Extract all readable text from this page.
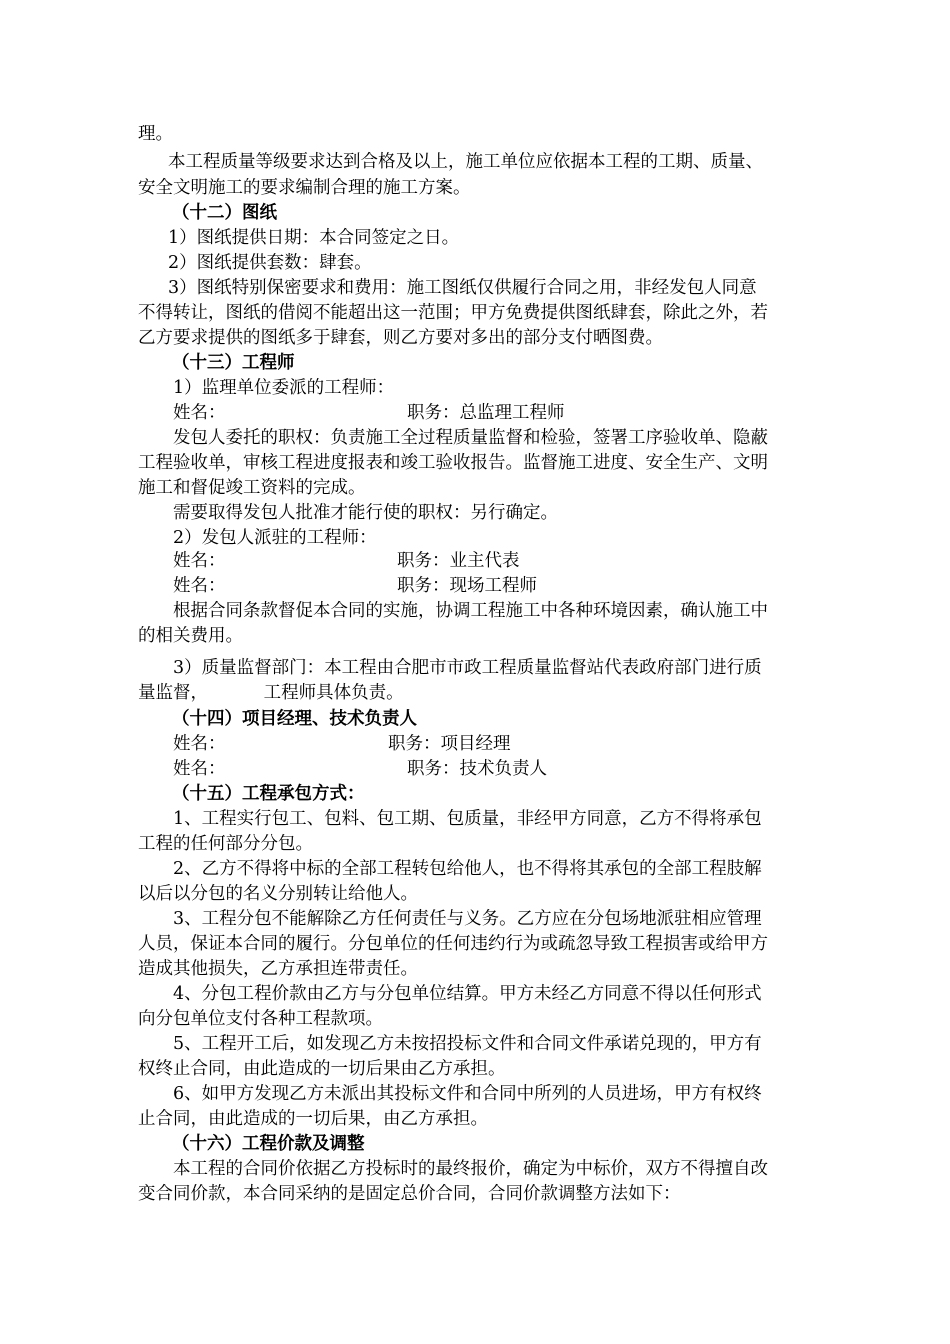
理。
本工程质量等级要求达到合格及以上，施工单位应依据本工程的工期、质量、
安全文明施工的要求编制合理的施工方案。
（十二）图纸
1）图纸提供日期：本合同签定之日。
2）图纸提供套数：肆套。
3）图纸特别保密要求和费用：施工图纸仅供履行合同之用，非经发包人同意
不得转让，图纸的借阅不能超出这一范围；甲方免费提供图纸肆套，除此之外，若
乙方要求提供的图纸多于肆套，则乙方要对多出的部分支付晒图费。
（十三）工程师
1）监理单位委派的工程师：
姓名：	职务：总监理工程师
发包人委托的职权：负责施工全过程质量监督和检验，签署工序验收单、隐蔽
工程验收单，审核工程进度报表和竣工验收报告。监督施工进度、安全生产、文明
施工和督促竣工资料的完成。
需要取得发包人批准才能行使的职权：另行确定。
2）发包人派驻的工程师：
姓名：	职务：业主代表
姓名：	职务：现场工程师
根据合同条款督促本合同的实施，协调工程施工中各种环境因素，确认施工中
的相关费用。
3）质量监督部门：本工程由合肥市市政工程质量监督站代表政府部门进行质
量监督，          工程师具体负责。
（十四）项目经理、技术负责人
姓名：	职务：项目经理
姓名：	职务：技术负责人
（十五）工程承包方式：
1、工程实行包工、包料、包工期、包质量，非经甲方同意，乙方不得将承包
工程的任何部分分包。
2、乙方不得将中标的全部工程转包给他人，也不得将其承包的全部工程肢解
以后以分包的名义分别转让给他人。
3、工程分包不能解除乙方任何责任与义务。乙方应在分包场地派驻相应管理
人员，保证本合同的履行。分包单位的任何违约行为或疏忽导致工程损害或给甲方
造成其他损失，乙方承担连带责任。
4、分包工程价款由乙方与分包单位结算。甲方未经乙方同意不得以任何形式
向分包单位支付各种工程款项。
5、工程开工后，如发现乙方未按招投标文件和合同文件承诺兑现的，甲方有
权终止合同，由此造成的一切后果由乙方承担。
6、如甲方发现乙方未派出其投标文件和合同中所列的人员进场，甲方有权终
止合同，由此造成的一切后果，由乙方承担。
（十六）工程价款及调整
本工程的合同价依据乙方投标时的最终报价，确定为中标价，双方不得擅自改
变合同价款，本合同采纳的是固定总价合同，合同价款调整方法如下：
